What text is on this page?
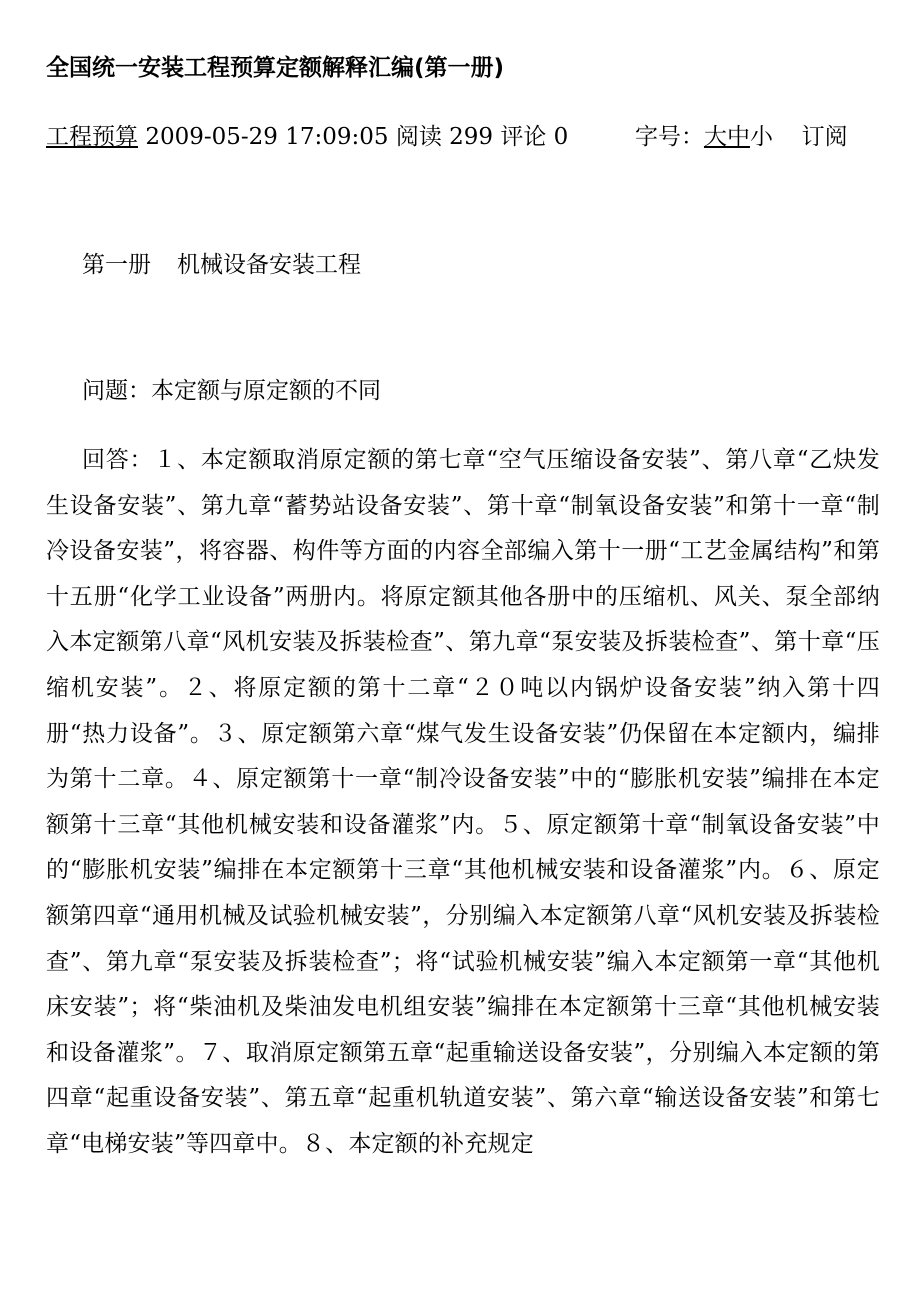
全国统一安装工程预算定额解释汇编(第一册)
工程预算 2009-05-29 17:09:05 阅读 299 评论 0	字号：大中小 订阅
第一册 机械设备安装工程
问题：本定额与原定额的不同
回答：１、本定额取消原定额的第七章“空气压缩设备安装”、第八章“乙炔发生设备安装”、第九章“蓄势站设备安装”、第十章“制氧设备安装”和第十一章“制冷设备安装”，将容器、构件等方面的内容全部编入第十一册“工艺金属结构”和第十五册“化学工业设备”两册内。将原定额其他各册中的压缩机、风关、泵全部纳入本定额第八章“风机安装及拆装检查”、第九章“泵安装及拆装检查”、第十章“压缩机安装”。２、将原定额的第十二章“２０吨以内锅炉设备安装”纳入第十四册“热力设备”。３、原定额第六章“煤气发生设备安装”仍保留在本定额内，编排为第十二章。４、原定额第十一章“制冷设备安装”中的“膨胀机安装”编排在本定额第十三章“其他机械安装和设备灌浆”内。５、原定额第十章“制氧设备安装”中的“膨胀机安装”编排在本定额第十三章“其他机械安装和设备灌浆”内。６、原定额第四章“通用机械及试验机械安装”，分别编入本定额第八章“风机安装及拆装检查”、第九章“泵安装及拆装检查”；将“试验机械安装”编入本定额第一章“其他机床安装”；将“柴油机及柴油发电机组安装”编排在本定额第十三章“其他机械安装和设备灌浆”。７、取消原定额第五章“起重输送设备安装”，分别编入本定额的第四章“起重设备安装”、第五章“起重机轨道安装”、第六章“输送设备安装”和第七章“电梯安装”等四章中。８、本定额的补充规定
